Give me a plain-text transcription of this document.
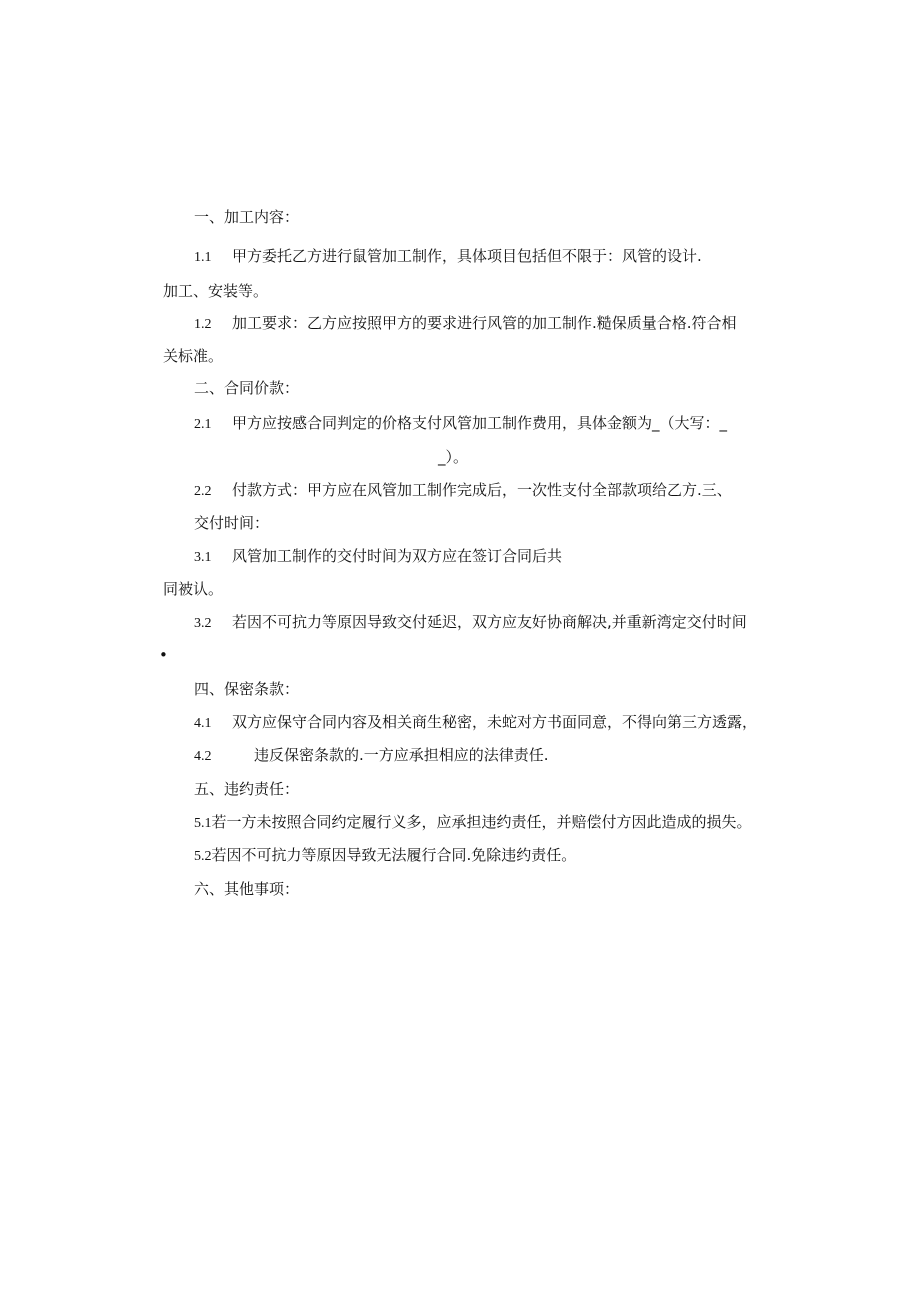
一、加工内容：
1.1 甲方委托乙方进行鼠管加工制作，具体项目包括但不限于：风管的设计.
加工、安装等。
1.2 加工要求：乙方应按照甲方的要求进行风管的加工制作.糙保质量合格.符合相
关标准。
二、合同价款：
2.1 甲方应按感合同判定的价格支付风管加工制作费用，具体金额为_（大写：_
_）。
2.2 付款方式：甲方应在风管加工制作完成后，一次性支付全部款项给乙方.三、
交付时间：
3.1 风管加工制作的交付时间为双方应在签订合同后共
同被认。
3.2 若因不可抗力等原因导致交付延迟，双方应友好协商解决,并重新湾定交付时间
•
四、保密条款：
4.1 双方应保守合同内容及相关商生秘密，未蛇对方书面同意，不得向第三方透露，
4.2	违反保密条款的.一方应承担相应的法律责任.
五、违约责任：
5.1若一方未按照合同约定履行义多，应承担违约责任，并赔偿付方因此造成的损失。
5.2若因不可抗力等原因导致无法履行合同.免除违约责任。
六、其他事项：
